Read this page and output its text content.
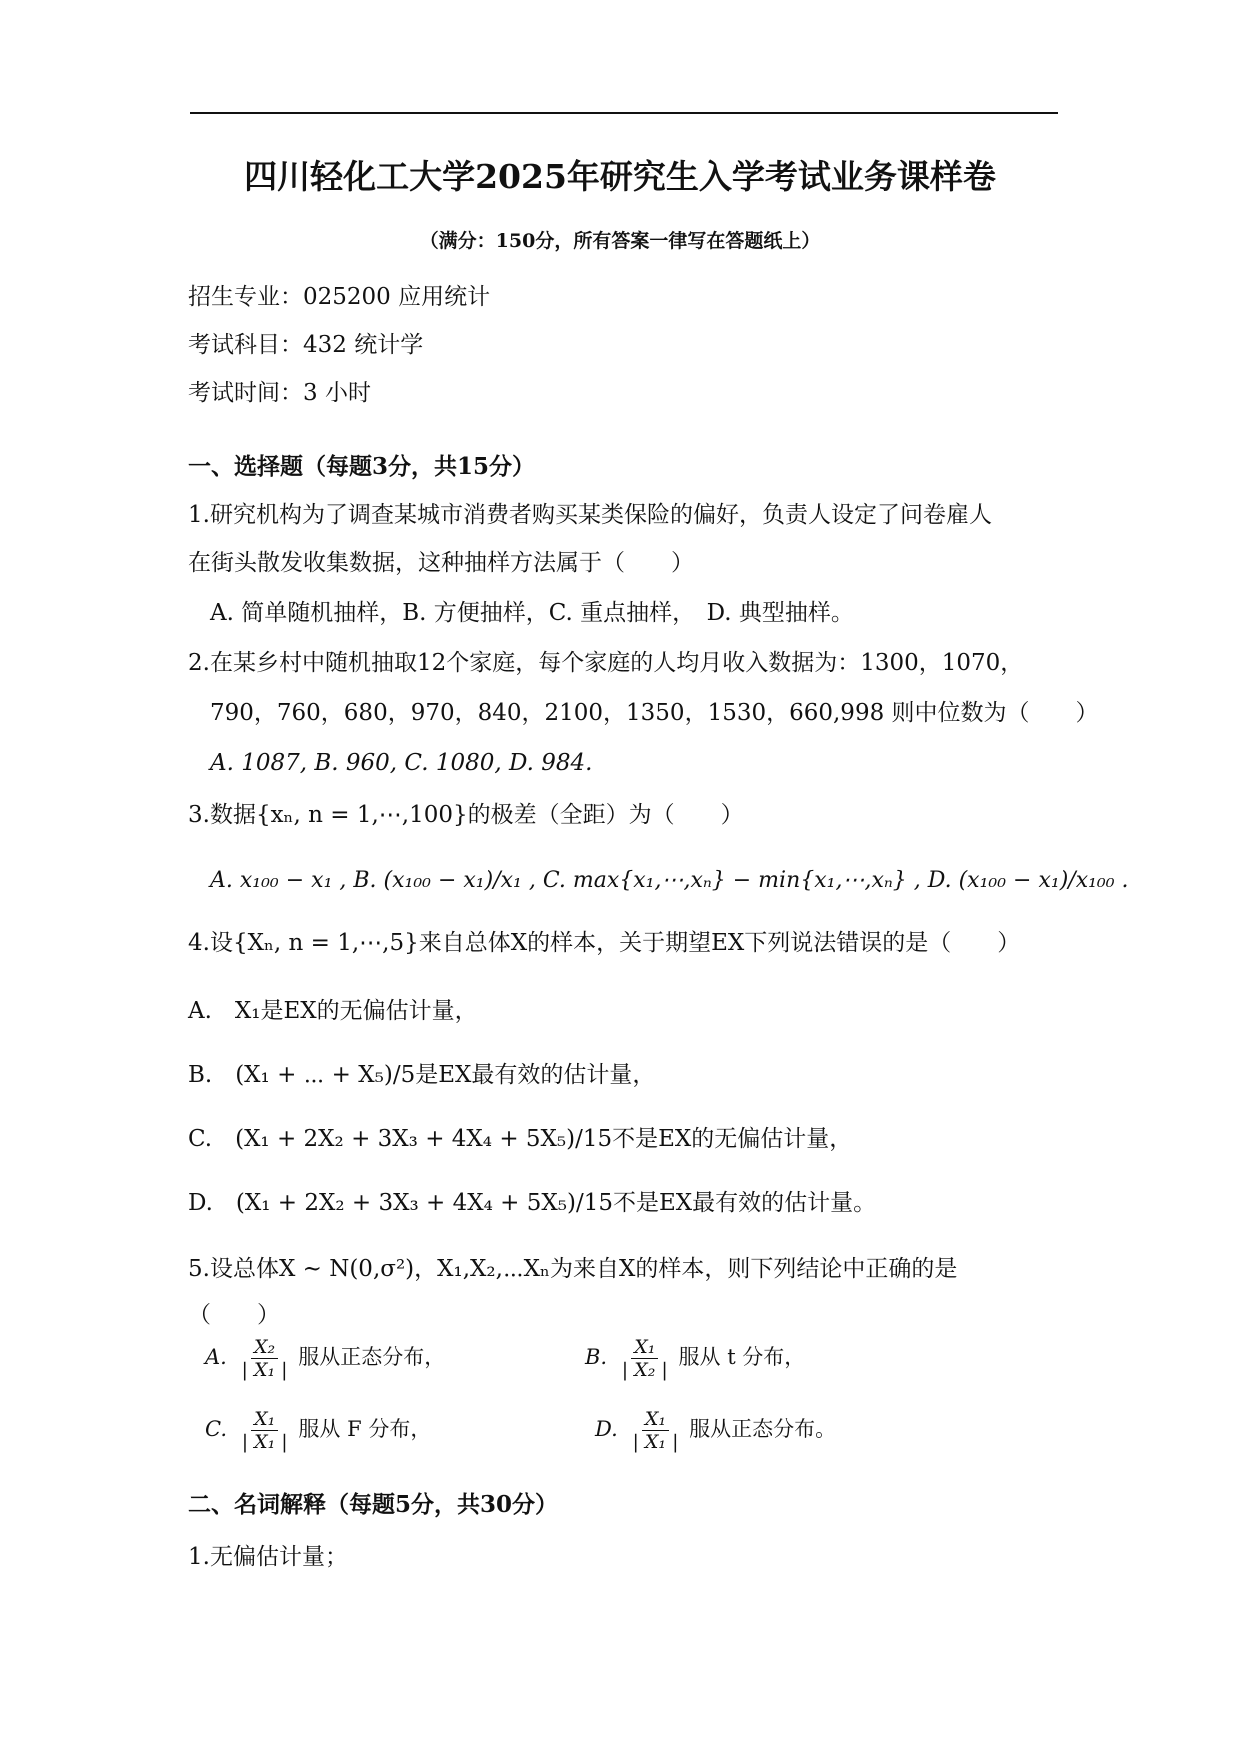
四川轻化工大学2025年研究生入学考试业务课样卷
（满分：150分，所有答案一律写在答题纸上）
招生专业：025200 应用统计
考试科目：432 统计学
考试时间：3 小时
一、选择题（每题3分，共15分）
1.研究机构为了调查某城市消费者购买某类保险的偏好，负责人设定了问卷雇人
在街头散发收集数据，这种抽样方法属于（　　）
A. 简单随机抽样，B. 方便抽样，C. 重点抽样，　D. 典型抽样。
2.在某乡村中随机抽取12个家庭，每个家庭的人均月收入数据为：1300，1070，
790，760，680，970，840，2100，1350，1530，660,998 则中位数为（　　）
A. 1087, B. 960, C. 1080, D. 984.
3.数据{xₙ, n = 1,⋯,100}的极差（全距）为（　　）
A. x₁₀₀ − x₁ , B. (x₁₀₀ − x₁)/x₁ , C. max{x₁,⋯,xₙ} − min{x₁,⋯,xₙ} , D. (x₁₀₀ − x₁)/x₁₀₀ .
4.设{Xₙ, n = 1,⋯,5}来自总体X的样本，关于期望EX下列说法错误的是（　　）
A.　X₁是EX的无偏估计量，
B.　(X₁ + ⋯ + X₅)/5是EX最有效的估计量，
C.　(X₁ + 2X₂ + 3X₃ + 4X₄ + 5X₅)/15不是EX的无偏估计量，
D.　(X₁ + 2X₂ + 3X₃ + 4X₄ + 5X₅)/15不是EX最有效的估计量。
5.设总体X ~ N(0,σ²)，X₁,X₂,⋯Xₙ为来自X的样本，则下列结论中正确的是
（　　）
A. $\frac{\text{X₂}}{\text{| X₁ |}}$ 服从正态分布，	B. $\frac{\text{X₁}}{\text{| X₂ |}}$ 服从 t 分布，
C. $\frac{\text{X₁}}{\text{| X₁ |}}$ 服从 F 分布，	D. $\frac{\text{X₁}}{\text{| X₁ |}}$ 服从正态分布。
二、名词解释（每题5分，共30分）
1.无偏估计量；
